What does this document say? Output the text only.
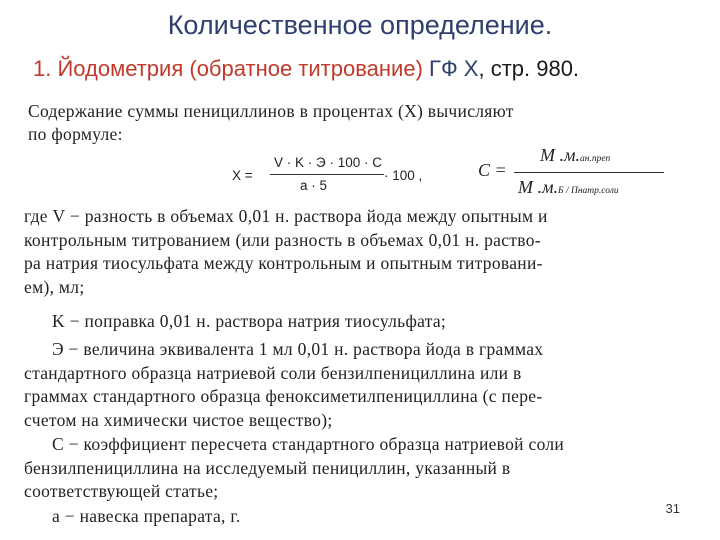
Количественное определение.
1. Йодометрия (обратное титрование) ГФ X, стр. 980.
Содержание суммы пенициллинов в процентах (X) вычисляют
по формуле:
X =
V · K · Э · 100 · C
a · 5
· 100 ,	C =
М .м.ан.преп
М .м.Б / Пнатр.соли
где V − разность в объемах 0,01 н. раствора йода между опытным и
контрольным титрованием (или разность в объемах 0,01 н. раство-
ра натрия тиосульфата между контрольным и опытным титровани-
ем), мл;
K − поправка 0,01 н. раствора натрия тиосульфата;
Э − величина эквивалента 1 мл 0,01 н. раствора йода в граммах
стандартного образца натриевой соли бензилпенициллина или в
граммах стандартного образца феноксиметилпенициллина (с пере-
счетом на химически чистое вещество);
C − коэффициент пересчета стандартного образца натриевой соли
бензилпенициллина на исследуемый пенициллин, указанный в
соответствующей статье;
a − навеска препарата, г.	31
